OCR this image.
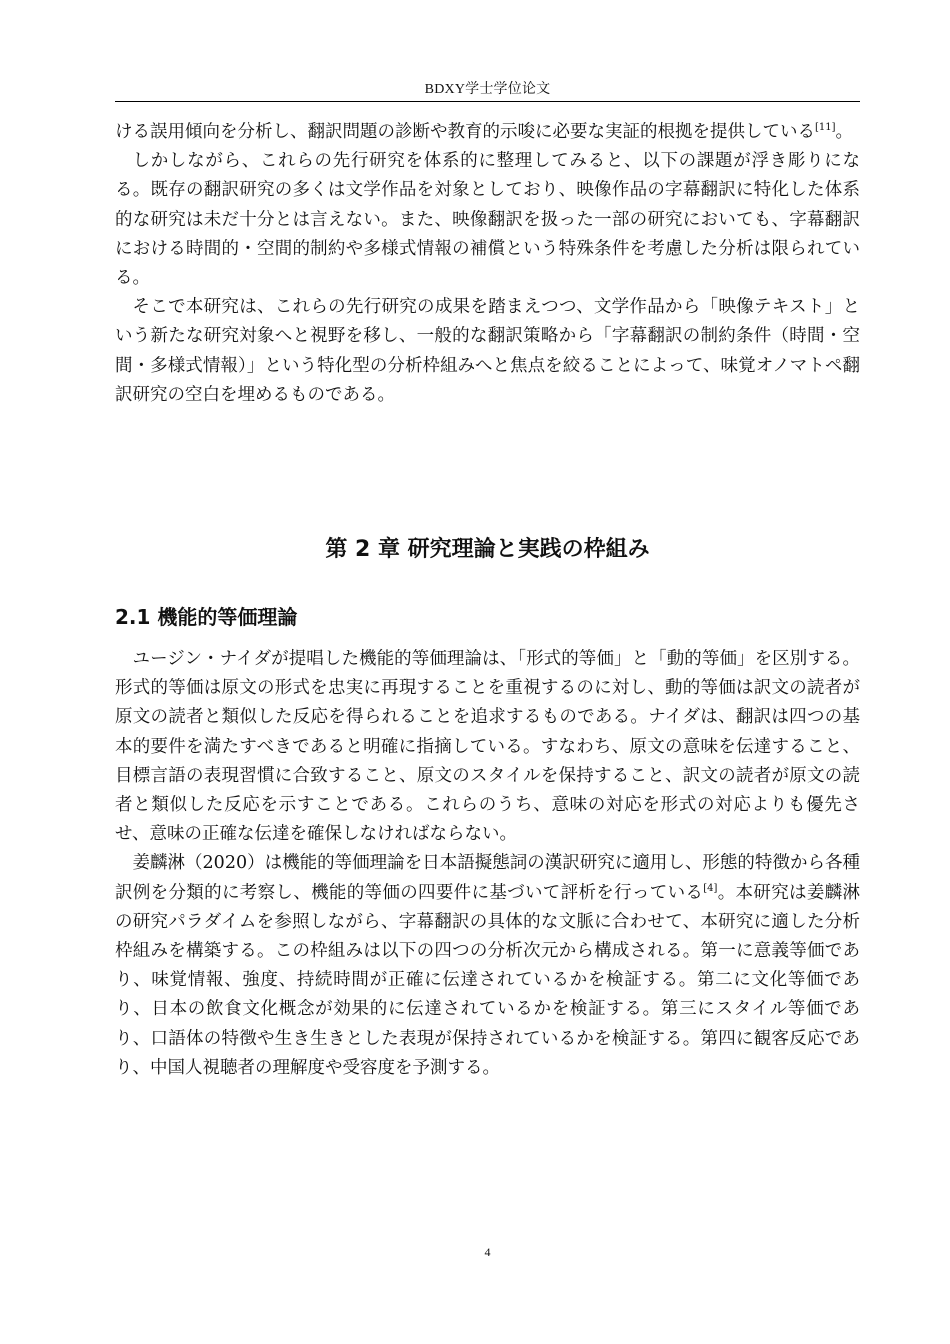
BDXY学士学位论文

ける誤用傾向を分析し、翻訳問題の診断や教育的示唆に必要な実証的根拠を提供している[11]。

しかしながら、これらの先行研究を体系的に整理してみると、以下の課題が浮き彫りになる。既存の翻訳研究の多くは文学作品を対象としており、映像作品の字幕翻訳に特化した体系的な研究は未だ十分とは言えない。また、映像翻訳を扱った一部の研究においても、字幕翻訳における時間的・空間的制約や多様式情報の補償という特殊条件を考慮した分析は限られている。

そこで本研究は、これらの先行研究の成果を踏まえつつ、文学作品から「映像テキスト」という新たな研究対象へと視野を移し、一般的な翻訳策略から「字幕翻訳の制約条件（時間・空間・多様式情報）」という特化型の分析枠組みへと焦点を絞ることによって、味覚オノマトペ翻訳研究の空白を埋めるものである。

第 2 章 研究理論と実践の枠組み
2.1 機能的等価理論

ユージン・ナイダが提唱した機能的等価理論は、「形式的等価」と「動的等価」を区別する。形式的等価は原文の形式を忠実に再現することを重視するのに対し、動的等価は訳文の読者が原文の読者と類似した反応を得られることを追求するものである。ナイダは、翻訳は四つの基本的要件を満たすべきであると明確に指摘している。すなわち、原文の意味を伝達すること、目標言語の表現習慣に合致すること、原文のスタイルを保持すること、訳文の読者が原文の読者と類似した反応を示すことである。これらのうち、意味の対応を形式の対応よりも優先させ、意味の正確な伝達を確保しなければならない。

姜麟淋（2020）は機能的等価理論を日本語擬態詞の漢訳研究に適用し、形態的特徴から各種訳例を分類的に考察し、機能的等価の四要件に基づいて評析を行っている[4]。本研究は姜麟淋の研究パラダイムを参照しながら、字幕翻訳の具体的な文脈に合わせて、本研究に適した分析枠組みを構築する。この枠組みは以下の四つの分析次元から構成される。第一に意義等価であり、味覚情報、強度、持続時間が正確に伝達されているかを検証する。第二に文化等価であり、日本の飲食文化概念が効果的に伝達されているかを検証する。第三にスタイル等価であり、口語体の特徴や生き生きとした表現が保持されているかを検証する。第四に観客反応であり、中国人視聴者の理解度や受容度を予測する。

4
